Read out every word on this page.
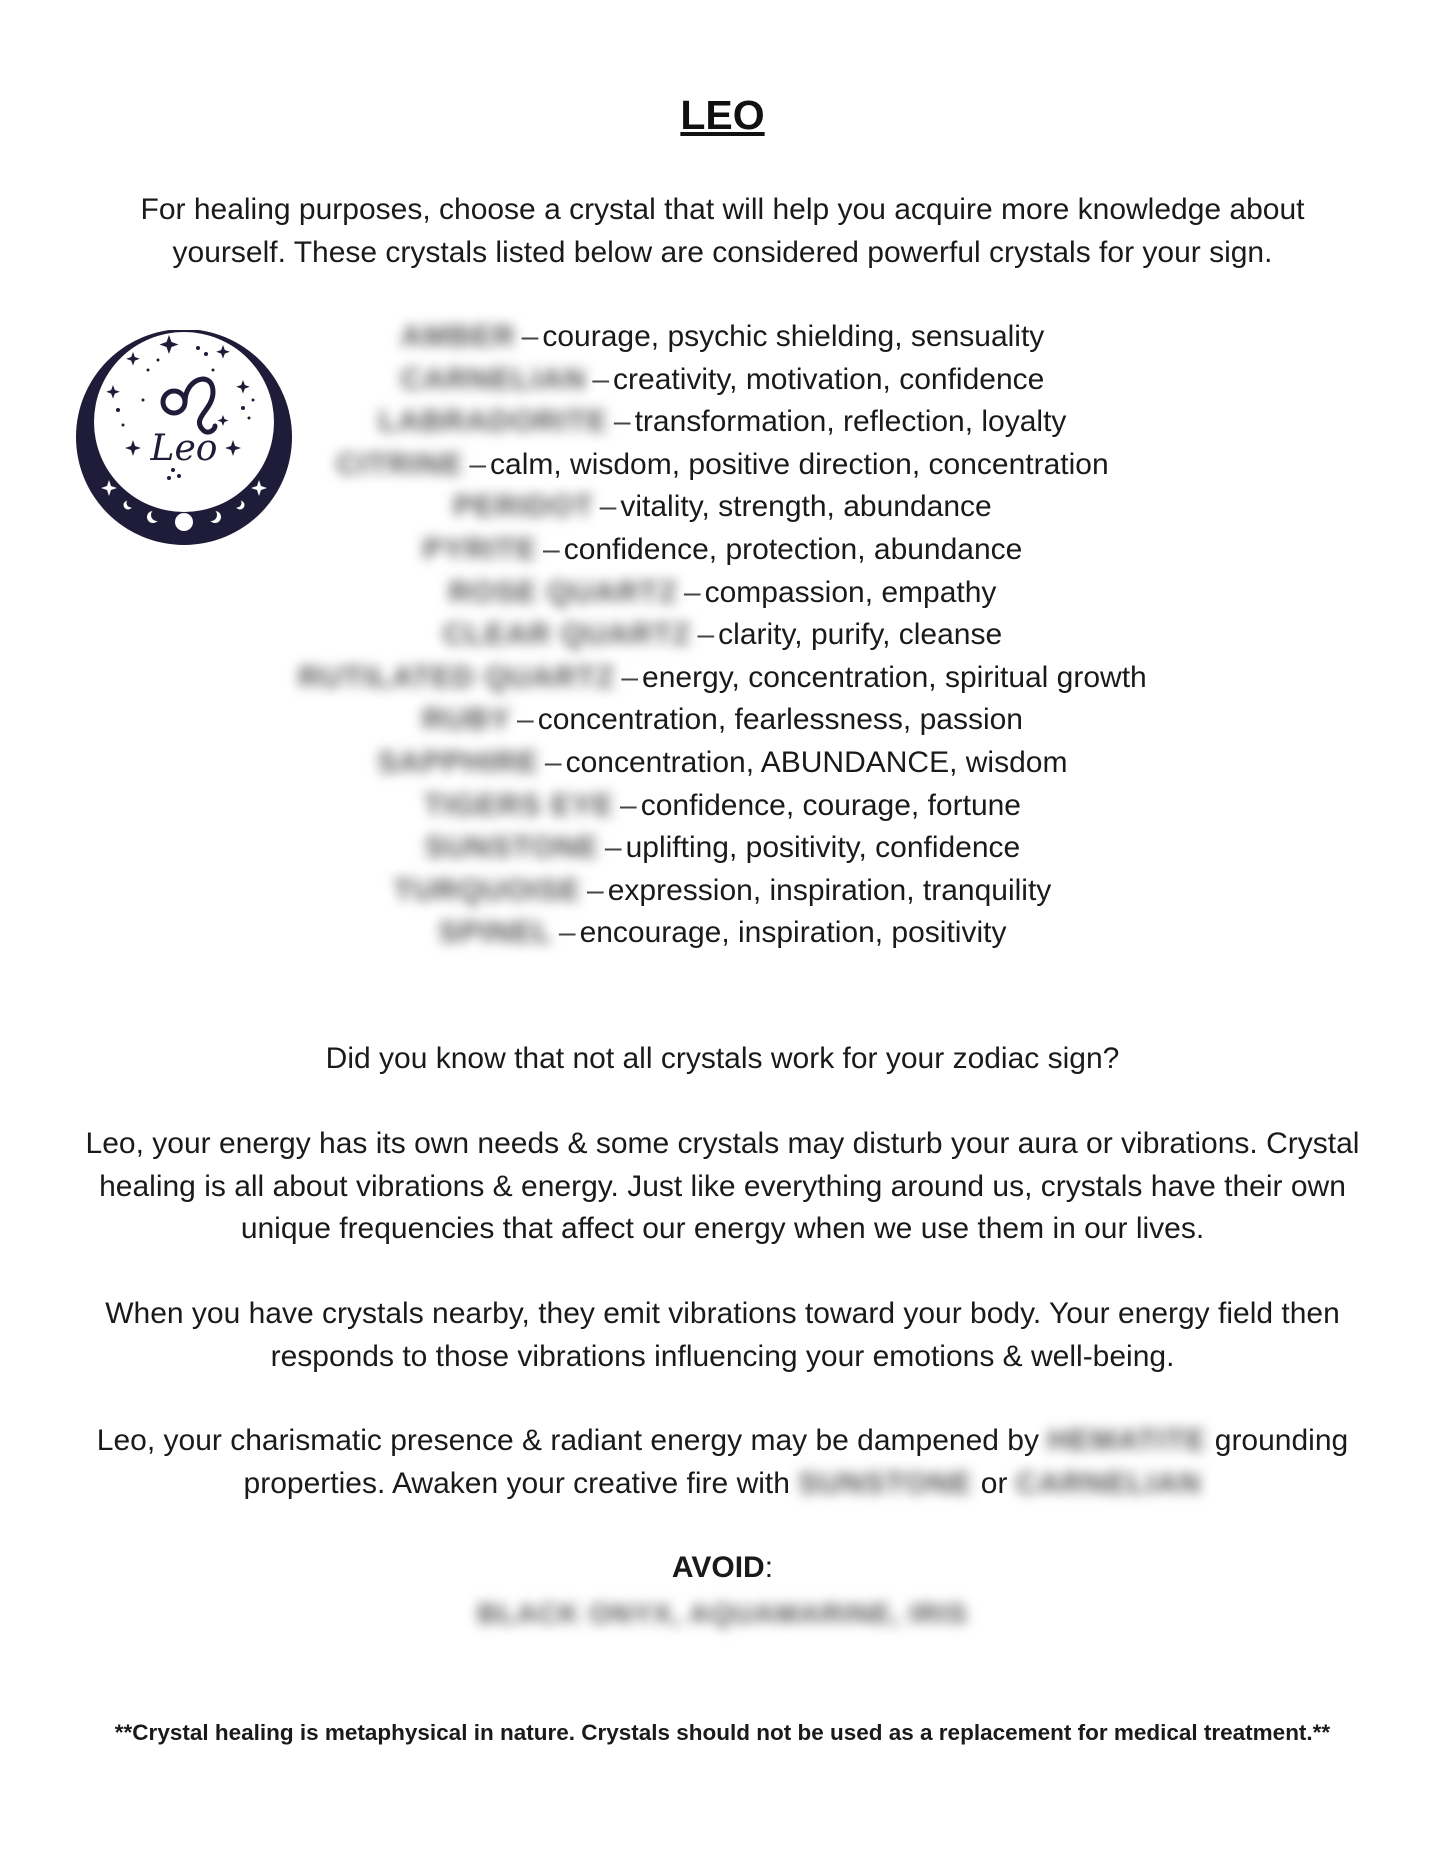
LEO

For healing purposes, choose a crystal that will help you acquire more knowledge about yourself. These crystals listed below are considered powerful crystals for your sign.

Leo
AMBER – courage, psychic shielding, sensuality
CARNELIAN – creativity, motivation, confidence
LABRADORITE – transformation, reflection, loyalty
CITRINE – calm, wisdom, positive direction, concentration
PERIDOT – vitality, strength, abundance
PYRITE – confidence, protection, abundance
ROSE QUARTZ – compassion, empathy
CLEAR QUARTZ – clarity, purify, cleanse
RUTILATED QUARTZ – energy, concentration, spiritual growth
RUBY – concentration, fearlessness, passion
SAPPHIRE – concentration, ABUNDANCE, wisdom
TIGERS EYE – confidence, courage, fortune
SUNSTONE – uplifting, positivity, confidence
TURQUOISE – expression, inspiration, tranquility
SPINEL – encourage, inspiration, positivity

Did you know that not all crystals work for your zodiac sign?

Leo, your energy has its own needs & some crystals may disturb your aura or vibrations. Crystal healing is all about vibrations & energy. Just like everything around us, crystals have their own unique frequencies that affect our energy when we use them in our lives.

When you have crystals nearby, they emit vibrations toward your body. Your energy field then responds to those vibrations influencing your emotions & well-being.

Leo, your charismatic presence & radiant energy may be dampened by HEMATITE grounding properties. Awaken your creative fire with SUNSTONE or CARNELIAN

AVOID:

BLACK ONYX, AQUAMARINE, IRIS

**Crystal healing is metaphysical in nature. Crystals should not be used as a replacement for medical treatment.**
